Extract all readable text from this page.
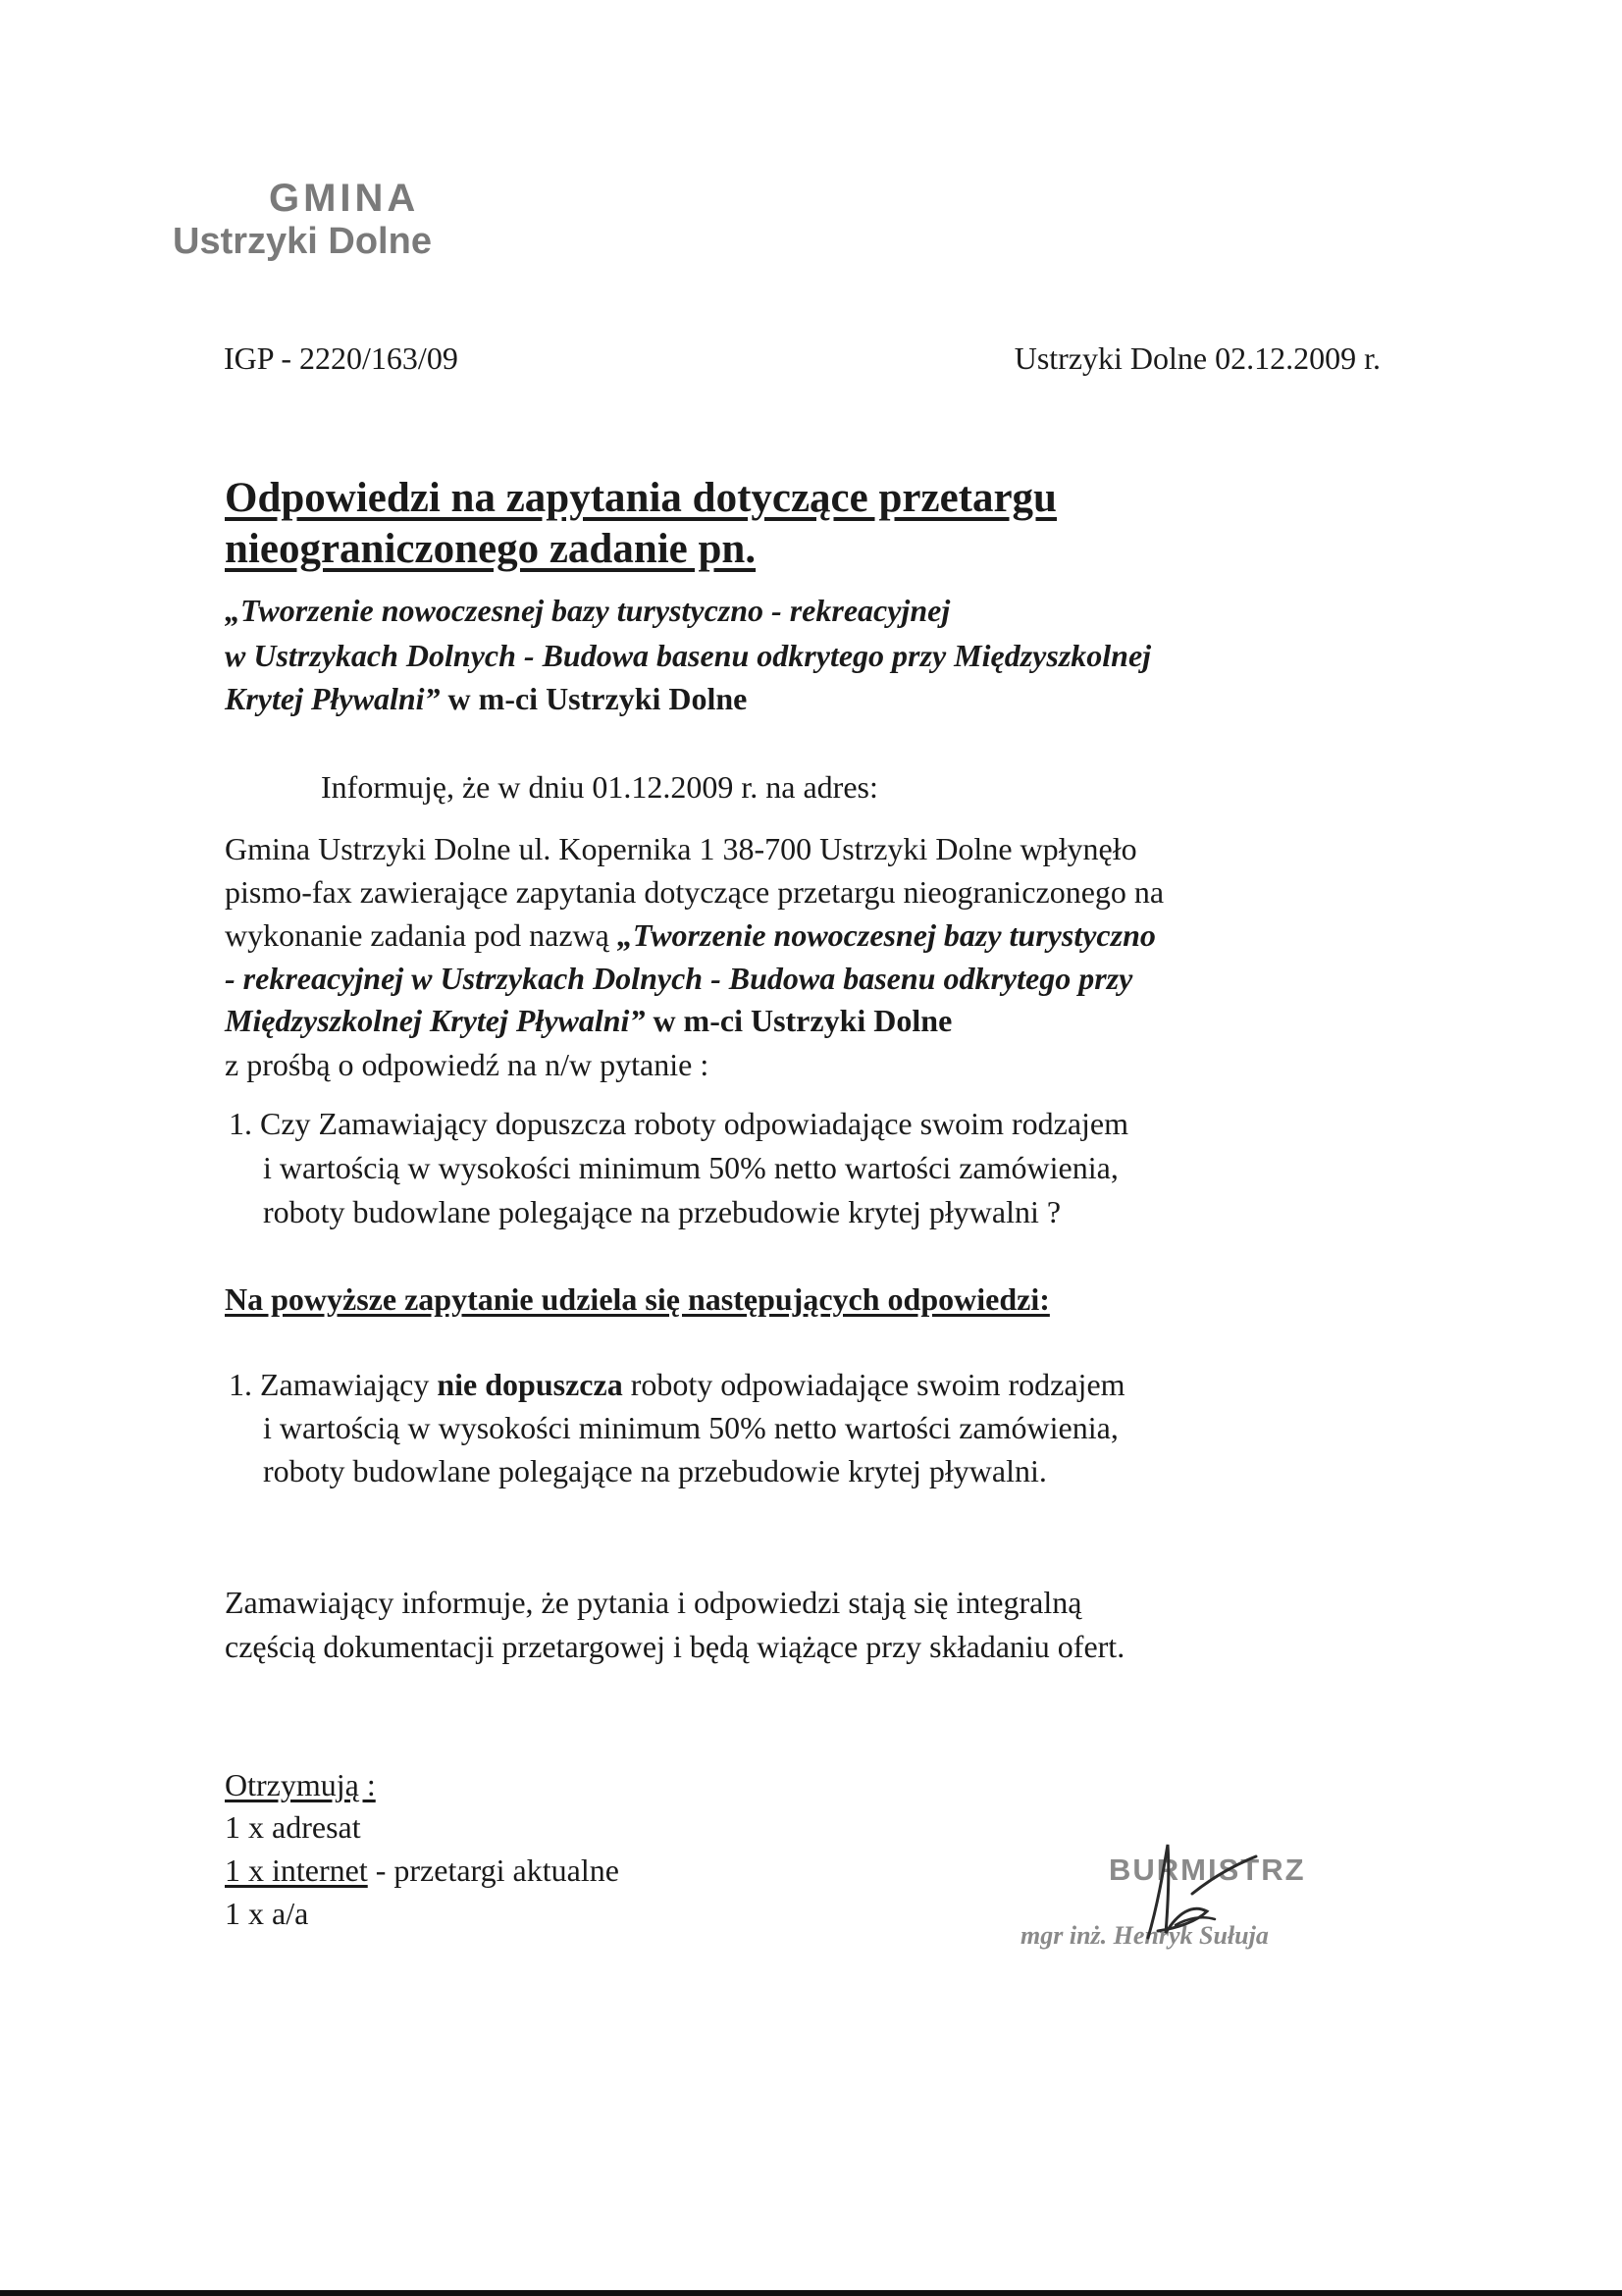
GMINA
Ustrzyki Dolne
IGP - 2220/163/09	Ustrzyki Dolne 02.12.2009 r.
Odpowiedzi na zapytania dotyczące przetargu
nieograniczonego zadanie pn.
„Tworzenie nowoczesnej bazy turystyczno - rekreacyjnej
w Ustrzykach Dolnych - Budowa basenu odkrytego przy Międzyszkolnej
Krytej Pływalni” w m-ci Ustrzyki Dolne
Informuję, że w dniu 01.12.2009 r. na adres:
Gmina Ustrzyki Dolne ul. Kopernika 1 38-700 Ustrzyki Dolne wpłynęło
pismo-fax zawierające zapytania dotyczące przetargu nieograniczonego na
wykonanie zadania pod nazwą „Tworzenie nowoczesnej bazy turystyczno
- rekreacyjnej w Ustrzykach Dolnych - Budowa basenu odkrytego przy
Międzyszkolnej Krytej Pływalni” w m-ci Ustrzyki Dolne
z prośbą o odpowiedź na n/w pytanie :
1. Czy Zamawiający dopuszcza roboty odpowiadające swoim rodzajem
i wartością w wysokości minimum 50% netto wartości zamówienia,
roboty budowlane polegające na przebudowie krytej pływalni ?
Na powyższe zapytanie udziela się następujących odpowiedzi:
1. Zamawiający nie dopuszcza roboty odpowiadające swoim rodzajem
i wartością w wysokości minimum 50% netto wartości zamówienia,
roboty budowlane polegające na przebudowie krytej pływalni.
Zamawiający informuje, że pytania i odpowiedzi stają się integralną
częścią dokumentacji przetargowej i będą wiążące przy składaniu ofert.
Otrzymują :
1 x adresat
1 x internet - przetargi aktualne
1 x a/a
BURMISTRZ
mgr inż. Henryk Sułuja
